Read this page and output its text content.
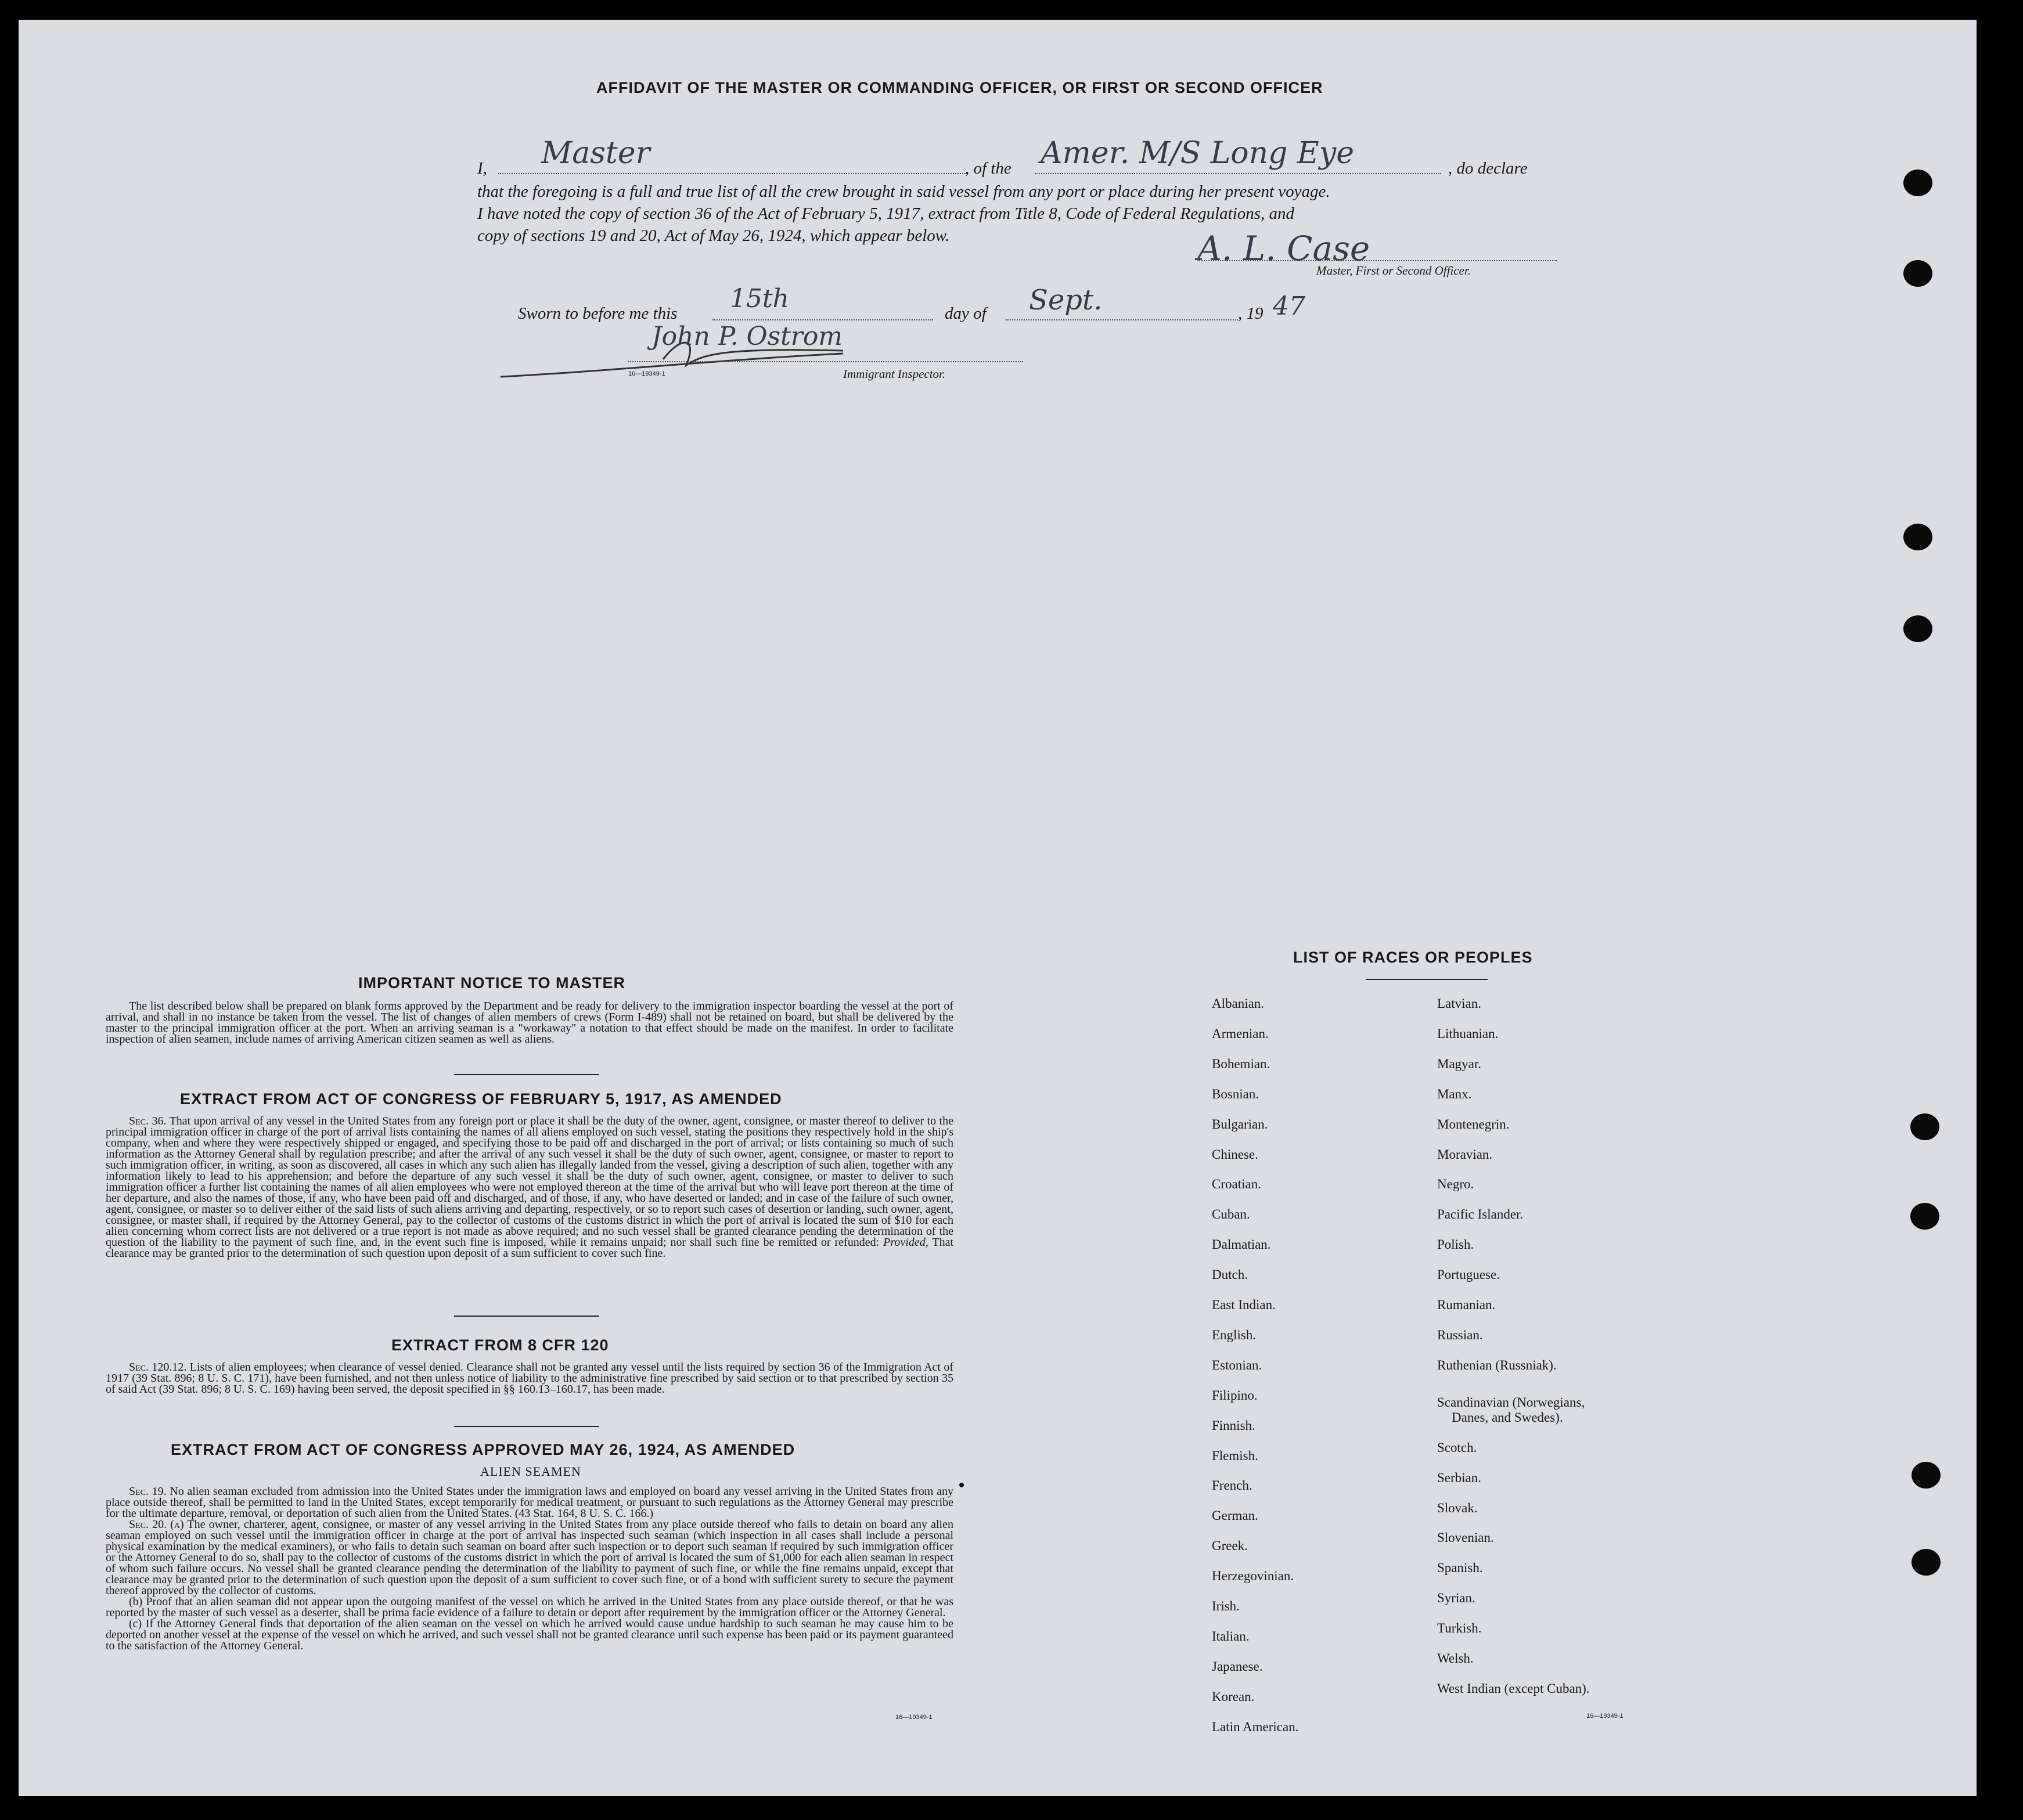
AFFIDAVIT OF THE MASTER OR COMMANDING OFFICER, OR FIRST OR SECOND OFFICER
I, Master	, of the Amer. M/S Long Eye	, do declare
that the foregoing is a full and true list of all the crew brought in said vessel from any port or place during her present voyage.
I have noted the copy of section 36 of the Act of February 5, 1917, extract from Title 8, Code of Federal Regulations, and
copy of sections 19 and 20, Act of May 26, 1924, which appear below.	A. L. Case
Master, First or Second Officer.
Sworn to before me this 15th	day of Sept.	, 19 47
John P. Ostrom
16—19349-1	Immigrant Inspector.
IMPORTANT NOTICE TO MASTER

The list described below shall be prepared on blank forms approved by the Department and be ready for delivery to the immigration inspector boarding the vessel at the port of arrival, and shall in no instance be taken from the vessel. The list of changes of alien members of crews (Form I-489) shall not be retained on board, but shall be delivered by the master to the principal immigration officer at the port. When an arriving seaman is a "workaway" a notation to that effect should be made on the manifest. In order to facilitate inspection of alien seamen, include names of arriving American citizen seamen as well as aliens.

EXTRACT FROM ACT OF CONGRESS OF FEBRUARY 5, 1917, AS AMENDED

Sec. 36. That upon arrival of any vessel in the United States from any foreign port or place it shall be the duty of the owner, agent, consignee, or master thereof to deliver to the principal immigration officer in charge of the port of arrival lists containing the names of all aliens employed on such vessel, stating the positions they respectively hold in the ship's company, when and where they were respectively shipped or engaged, and specifying those to be paid off and discharged in the port of arrival; or lists containing so much of such information as the Attorney General shall by regulation prescribe; and after the arrival of any such vessel it shall be the duty of such owner, agent, consignee, or master to report to such immigration officer, in writing, as soon as discovered, all cases in which any such alien has illegally landed from the vessel, giving a description of such alien, together with any information likely to lead to his apprehension; and before the departure of any such vessel it shall be the duty of such owner, agent, consignee, or master to deliver to such immigration officer a further list containing the names of all alien employees who were not employed thereon at the time of the arrival but who will leave port thereon at the time of her departure, and also the names of those, if any, who have been paid off and discharged, and of those, if any, who have deserted or landed; and in case of the failure of such owner, agent, consignee, or master so to deliver either of the said lists of such aliens arriving and departing, respectively, or so to report such cases of desertion or landing, such owner, agent, consignee, or master shall, if required by the Attorney General, pay to the collector of customs of the customs district in which the port of arrival is located the sum of $10 for each alien concerning whom correct lists are not delivered or a true report is not made as above required; and no such vessel shall be granted clearance pending the determination of the question of the liability to the payment of such fine, and, in the event such fine is imposed, while it remains unpaid; nor shall such fine be remitted or refunded: Provided, That clearance may be granted prior to the determination of such question upon deposit of a sum sufficient to cover such fine.

EXTRACT FROM 8 CFR 120

Sec. 120.12. Lists of alien employees; when clearance of vessel denied. Clearance shall not be granted any vessel until the lists required by section 36 of the Immigration Act of 1917 (39 Stat. 896; 8 U. S. C. 171), have been furnished, and not then unless notice of liability to the administrative fine prescribed by said section or to that prescribed by section 35 of said Act (39 Stat. 896; 8 U. S. C. 169) having been served, the deposit specified in §§ 160.13–160.17, has been made.

EXTRACT FROM ACT OF CONGRESS APPROVED MAY 26, 1924, AS AMENDED
ALIEN SEAMEN

Sec. 19. No alien seaman excluded from admission into the United States under the immigration laws and employed on board any vessel arriving in the United States from any place outside thereof, shall be permitted to land in the United States, except temporarily for medical treatment, or pursuant to such regulations as the Attorney General may prescribe for the ultimate departure, removal, or deportation of such alien from the United States. (43 Stat. 164, 8 U. S. C. 166.)

Sec. 20. (a) The owner, charterer, agent, consignee, or master of any vessel arriving in the United States from any place outside thereof who fails to detain on board any alien seaman employed on such vessel until the immigration officer in charge at the port of arrival has inspected such seaman (which inspection in all cases shall include a personal physical examination by the medical examiners), or who fails to detain such seaman on board after such inspection or to deport such seaman if required by such immigration officer or the Attorney General to do so, shall pay to the collector of customs of the customs district in which the port of arrival is located the sum of $1,000 for each alien seaman in respect of whom such failure occurs. No vessel shall be granted clearance pending the determination of the liability to payment of such fine, or while the fine remains unpaid, except that clearance may be granted prior to the determination of such question upon the deposit of a sum sufficient to cover such fine, or of a bond with sufficient surety to secure the payment thereof approved by the collector of customs.

(b) Proof that an alien seaman did not appear upon the outgoing manifest of the vessel on which he arrived in the United States from any place outside thereof, or that he was reported by the master of such vessel as a deserter, shall be prima facie evidence of a failure to detain or deport after requirement by the immigration officer or the Attorney General.

(c) If the Attorney General finds that deportation of the alien seaman on the vessel on which he arrived would cause undue hardship to such seaman he may cause him to be deported on another vessel at the expense of the vessel on which he arrived, and such vessel shall not be granted clearance until such expense has been paid or its payment guaranteed to the satisfaction of the Attorney General.

16—19349-1
LIST OF RACES OR PEOPLES
16—19349-1
Albanian.
Armenian.
Bohemian.
Bosnian.
Bulgarian.
Chinese.
Croatian.
Cuban.
Dalmatian.
Dutch.
East Indian.
English.
Estonian.
Filipino.
Finnish.
Flemish.
French.
German.
Greek.
Herzegovinian.
Irish.
Italian.
Japanese.
Korean.
Latin American.
Latvian.
Lithuanian.
Magyar.
Manx.
Montenegrin.
Moravian.
Negro.
Pacific Islander.
Polish.
Portuguese.
Rumanian.
Russian.
Ruthenian (Russniak).
Scandinavian (Norwegians,
Danes, and Swedes).
Scotch.
Serbian.
Slovak.
Slovenian.
Spanish.
Syrian.
Turkish.
Welsh.
West Indian (except Cuban).
